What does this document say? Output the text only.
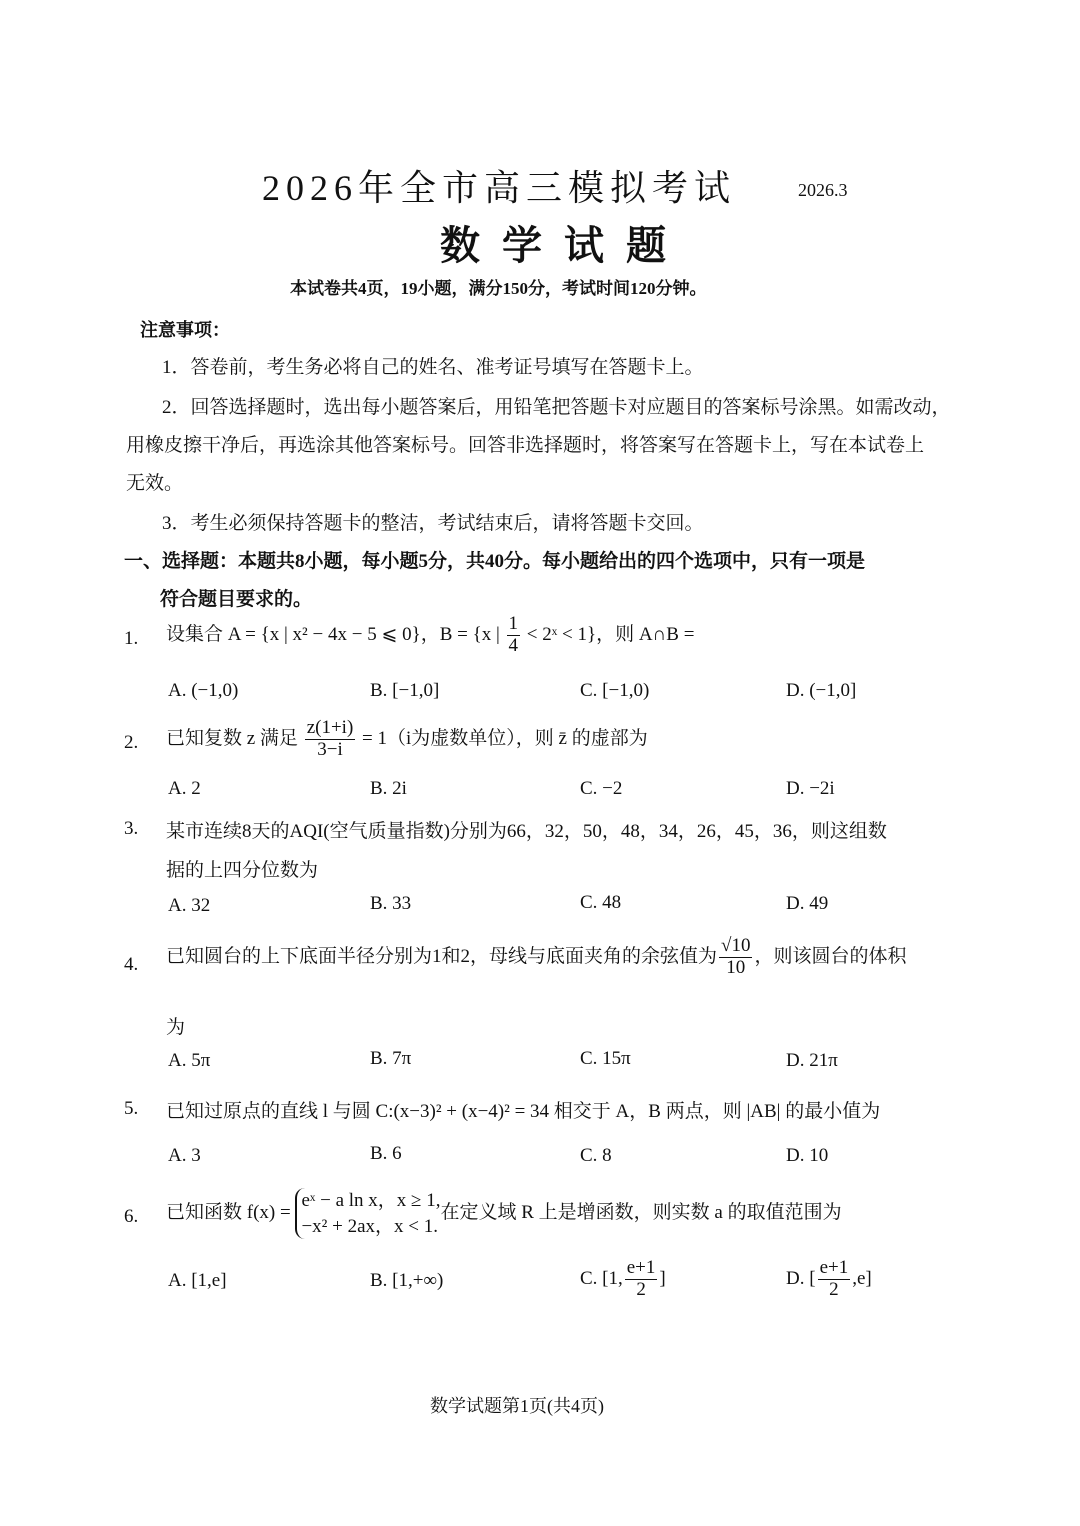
2026年全市高三模拟考试	2026.3
数学试题
本试卷共4页，19小题，满分150分，考试时间120分钟。
注意事项：
1．答卷前，考生务必将自己的姓名、准考证号填写在答题卡上。
2．回答选择题时，选出每小题答案后，用铅笔把答题卡对应题目的答案标号涂黑。如需改动，
用橡皮擦干净后，再选涂其他答案标号。回答非选择题时，将答案写在答题卡上，写在本试卷上
无效。
3．考生必须保持答题卡的整洁，考试结束后，请将答题卡交回。
一、选择题：本题共8小题，每小题5分，共40分。每小题给出的四个选项中，只有一项是
符合题目要求的。
1. 设集合 A = {x | x² − 4x − 5 ⩽ 0}，B = {x | $\frac{1}{4}$ < 2ˣ < 1}，则 A∩B =
A. (−1,0)	B. [−1,0]	C. [−1,0)	D. (−1,0]
2. 已知复数 z 满足 $\frac{z(1+i)}{3-i} = 1(i$为虚数单位），则 z̄ 的虚部为
A. 2	B. 2i	C. −2	D. −2i
3. 某市连续8天的AQI(空气质量指数)分别为66，32，50，48，34，26，45，36，则这组数
据的上四分位数为
A. 32	B. 33	C. 48	D. 49
4. 已知圆台的上下底面半径分别为1和2，母线与底面夹角的余弦值为 $\frac{√10}{10}$ ，则该圆台的体积
为
A. 5π	B. 7π	C. 15π	D. 21π
5. 已知过原点的直线 l 与圆 C:(x−3)² + (x−4)² = 34 相交于 A，B 两点，则 |AB| 的最小值为
A. 3	B. 6	C. 8	D. 10
6. 已知函数 f(x) =
eˣ − a ln x，x ≥ 1,
−x² + 2ax，x < 1.
在定义域 R 上是增函数，则实数 a 的取值范围为
A. [1,e]	B. [1,+∞)	C. [1, $\frac{e+1}{2}$ ]	D. [ $\frac{e+1}{2} ,e$]
数学试题第1页(共4页)
